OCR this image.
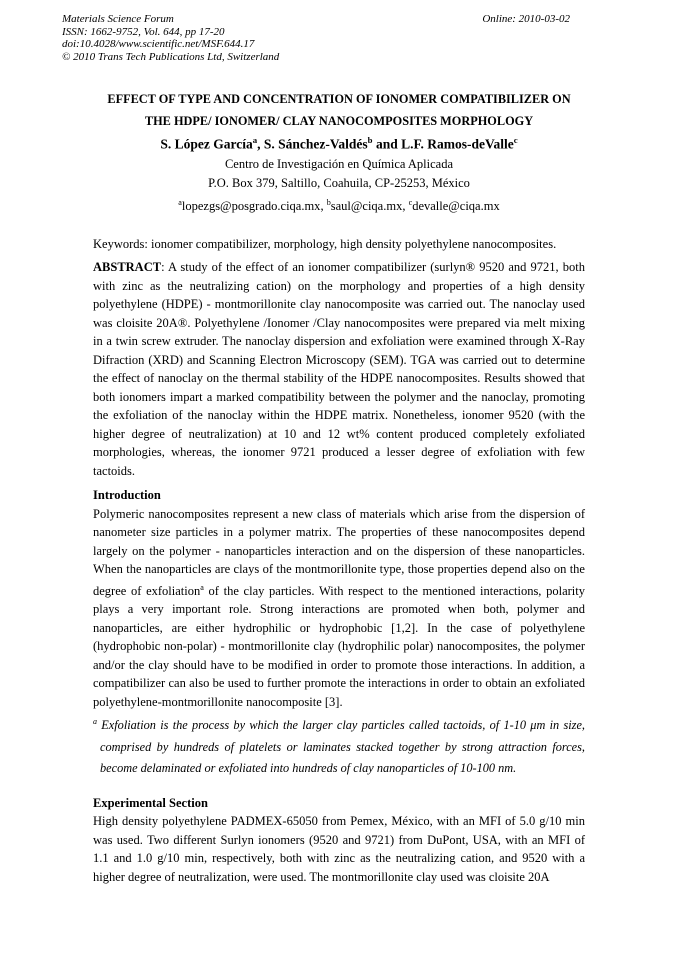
Materials Science Forum
ISSN: 1662-9752, Vol. 644, pp 17-20
doi:10.4028/www.scientific.net/MSF.644.17
© 2010 Trans Tech Publications Ltd, Switzerland
Online: 2010-03-02
EFFECT OF TYPE AND CONCENTRATION OF IONOMER COMPATIBILIZER ON
THE HDPE/ IONOMER/ CLAY NANOCOMPOSITES MORPHOLOGY
S. López García$^a$, S. Sánchez-Valdés$^b$ and L.F. Ramos-deValle$^c$
Centro de Investigación en Química Aplicada
P.O. Box 379, Saltillo, Coahuila, CP-25253, México
$^a$lopezgs@posgrado.ciqa.mx, $^b$saul@ciqa.mx, $^c$devalle@ciqa.mx
Keywords: ionomer compatibilizer, morphology, high density polyethylene nanocomposites.
ABSTRACT: A study of the effect of an ionomer compatibilizer (surlyn® 9520 and 9721, both with zinc as the neutralizing cation) on the morphology and properties of a high density polyethylene (HDPE) - montmorillonite clay nanocomposite was carried out. The nanoclay used was cloisite 20A®. Polyethylene /Ionomer /Clay nanocomposites were prepared via melt mixing in a twin screw extruder. The nanoclay dispersion and exfoliation were examined through X-Ray Difraction (XRD) and Scanning Electron Microscopy (SEM). TGA was carried out to determine the effect of nanoclay on the thermal stability of the HDPE nanocomposites. Results showed that both ionomers impart a marked compatibility between the polymer and the nanoclay, promoting the exfoliation of the nanoclay within the HDPE matrix. Nonetheless, ionomer 9520 (with the higher degree of neutralization) at 10 and 12 wt% content produced completely exfoliated morphologies, whereas, the ionomer 9721 produced a lesser degree of exfoliation with few tactoids.
Introduction
Polymeric nanocomposites represent a new class of materials which arise from the dispersion of nanometer size particles in a polymer matrix. The properties of these nanocomposites depend largely on the polymer - nanoparticles interaction and on the dispersion of these nanoparticles. When the nanoparticles are clays of the montmorillonite type, those properties depend also on the degree of exfoliation$^a$ of the clay particles. With respect to the mentioned interactions, polarity plays a very important role. Strong interactions are promoted when both, polymer and nanoparticles, are either hydrophilic or hydrophobic [1,2]. In the case of polyethylene (hydrophobic non-polar) - montmorillonite clay (hydrophilic polar) nanocomposites, the polymer and/or the clay should have to be modified in order to promote those interactions. In addition, a compatibilizer can also be used to further promote the interactions in order to obtain an exfoliated polyethylene-montmorillonite nanocomposite [3].
$^a$ Exfoliation is the process by which the larger clay particles called tactoids, of 1-10 μm in size, comprised by hundreds of platelets or laminates stacked together by strong attraction forces, become delaminated or exfoliated into hundreds of clay nanoparticles of 10-100 nm.
Experimental Section
High density polyethylene PADMEX-65050 from Pemex, México, with an MFI of 5.0 g/10 min was used. Two different Surlyn ionomers (9520 and 9721) from DuPont, USA, with an MFI of 1.1 and 1.0 g/10 min, respectively, both with zinc as the neutralizing cation, and 9520 with a higher degree of neutralization, were used. The montmorillonite clay used was cloisite 20A
